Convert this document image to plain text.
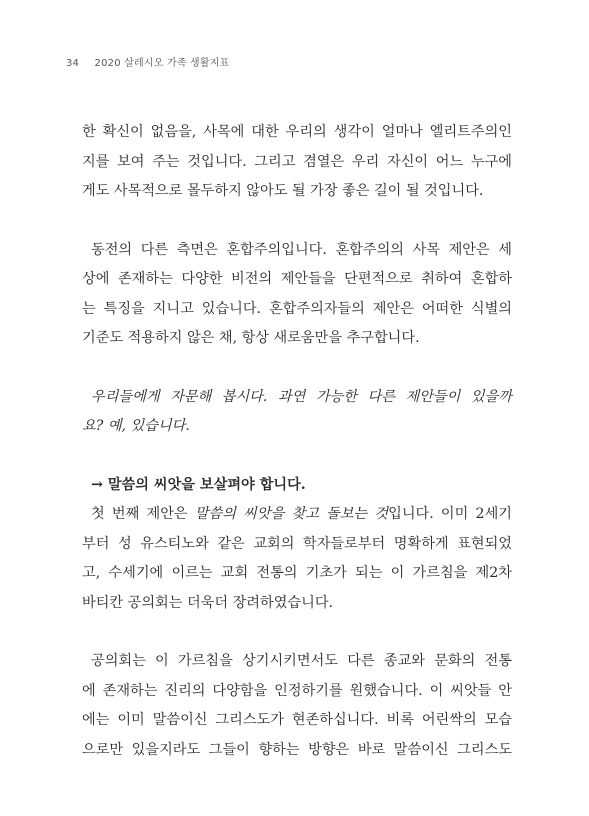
34 2020 살레시오 가족 생활지표
한 확신이 없음을, 사목에 대한 우리의 생각이 얼마나 엘리트주의인
지를 보여 주는 것입니다. 그리고 겸열은 우리 자신이 어느 누구에
게도 사목적으로 몰두하지 않아도 될 가장 좋은 길이 될 것입니다.
동전의 다른 측면은 혼합주의입니다. 혼합주의의 사목 제안은 세
상에 존재하는 다양한 비전의 제안들을 단편적으로 취하여 혼합하
는 특징을 지니고 있습니다. 혼합주의자들의 제안은 어떠한 식별의
기준도 적용하지 않은 채, 항상 새로움만을 추구합니다.
우리들에게 자문해 봅시다. 과연 가능한 다른 제안들이 있을까
요? 예, 있습니다.
→ 말씀의 씨앗을 보살펴야 합니다.
첫 번째 제안은 말씀의 씨앗을 찾고 돌보는 것입니다. 이미 2세기
부터 성 유스티노와 같은 교회의 학자들로부터 명확하게 표현되었
고, 수세기에 이르는 교회 전통의 기초가 되는 이 가르침을 제2차
바티칸 공의회는 더욱더 장려하였습니다.
공의회는 이 가르침을 상기시키면서도 다른 종교와 문화의 전통
에 존재하는 진리의 다양함을 인정하기를 원했습니다. 이 씨앗들 안
에는 이미 말씀이신 그리스도가 현존하십니다. 비록 어린싹의 모습
으로만 있을지라도 그들이 향하는 방향은 바로 말씀이신 그리스도
